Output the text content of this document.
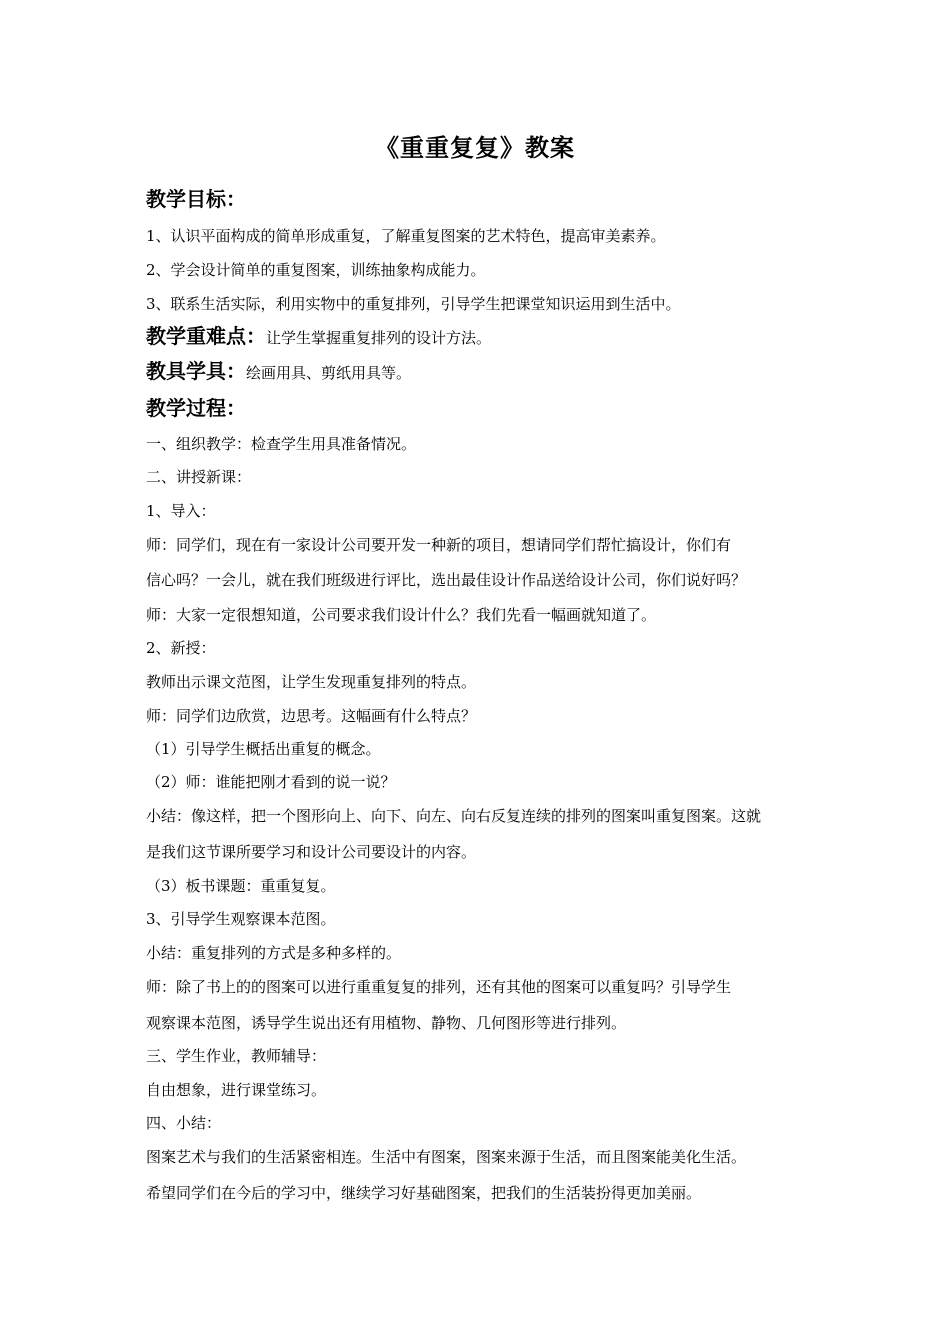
《重重复复》教案
教学目标：
1、认识平面构成的简单形成重复，了解重复图案的艺术特色，提高审美素养。
2、学会设计简单的重复图案，训练抽象构成能力。
3、联系生活实际，利用实物中的重复排列，引导学生把课堂知识运用到生活中。
教学重难点：让学生掌握重复排列的设计方法。
教具学具：绘画用具、剪纸用具等。
教学过程：
一、组织教学：检查学生用具准备情况。
二、讲授新课：
1、导入：
师：同学们，现在有一家设计公司要开发一种新的项目，想请同学们帮忙搞设计，你们有
信心吗？一会儿，就在我们班级进行评比，选出最佳设计作品送给设计公司，你们说好吗？
师：大家一定很想知道，公司要求我们设计什么？我们先看一幅画就知道了。
2、新授：
教师出示课文范图，让学生发现重复排列的特点。
师：同学们边欣赏，边思考。这幅画有什么特点？
（1）引导学生概括出重复的概念。
（2）师：谁能把刚才看到的说一说？
小结：像这样，把一个图形向上、向下、向左、向右反复连续的排列的图案叫重复图案。这就
是我们这节课所要学习和设计公司要设计的内容。
（3）板书课题：重重复复。
3、引导学生观察课本范图。
小结：重复排列的方式是多种多样的。
师：除了书上的的图案可以进行重重复复的排列，还有其他的图案可以重复吗？引导学生
观察课本范图，诱导学生说出还有用植物、静物、几何图形等进行排列。
三、学生作业，教师辅导：
自由想象，进行课堂练习。
四、小结：
图案艺术与我们的生活紧密相连。生活中有图案，图案来源于生活，而且图案能美化生活。
希望同学们在今后的学习中，继续学习好基础图案，把我们的生活装扮得更加美丽。
